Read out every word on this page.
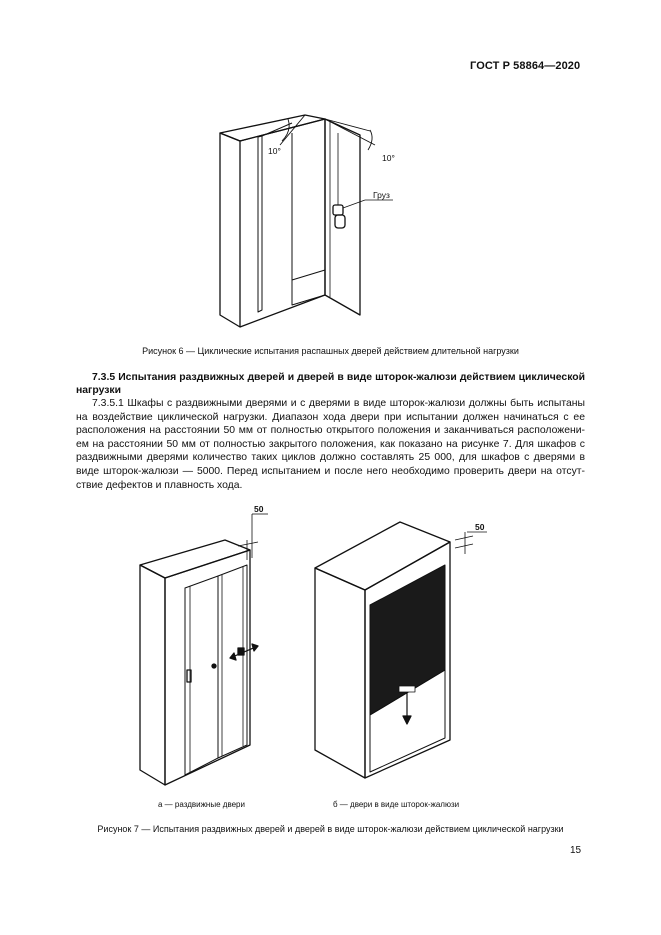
ГОСТ Р 58864—2020
10°
10°
Груз
Рисунок 6 — Циклические испытания распашных дверей действием длительной нагрузки
7.3.5 Испытания раздвижных дверей и дверей в виде шторок-жалюзи действием циклической нагрузки
7.3.5.1 Шкафы с раздвижными дверями и с дверями в виде шторок-жалюзи должны быть испытаны на воздействие циклической нагрузки. Диапазон хода двери при испытании должен начинаться с ее расположения на расстоянии 50 мм от полностью открытого положения и заканчиваться расположением на расстоянии 50 мм от полностью закрытого положения, как показано на рисунке 7. Для шкафов с раздвижными дверями количество таких циклов должно составлять 25 000, для шкафов с дверями в виде шторок-жалюзи — 5000. Перед испытанием и после него необходимо проверить двери на отсутствие дефектов и плавность хода.
50
50
а — раздвижные двери	б — двери в виде шторок-жалюзи
Рисунок 7 — Испытания раздвижных дверей и дверей в виде шторок-жалюзи действием циклической нагрузки
15
